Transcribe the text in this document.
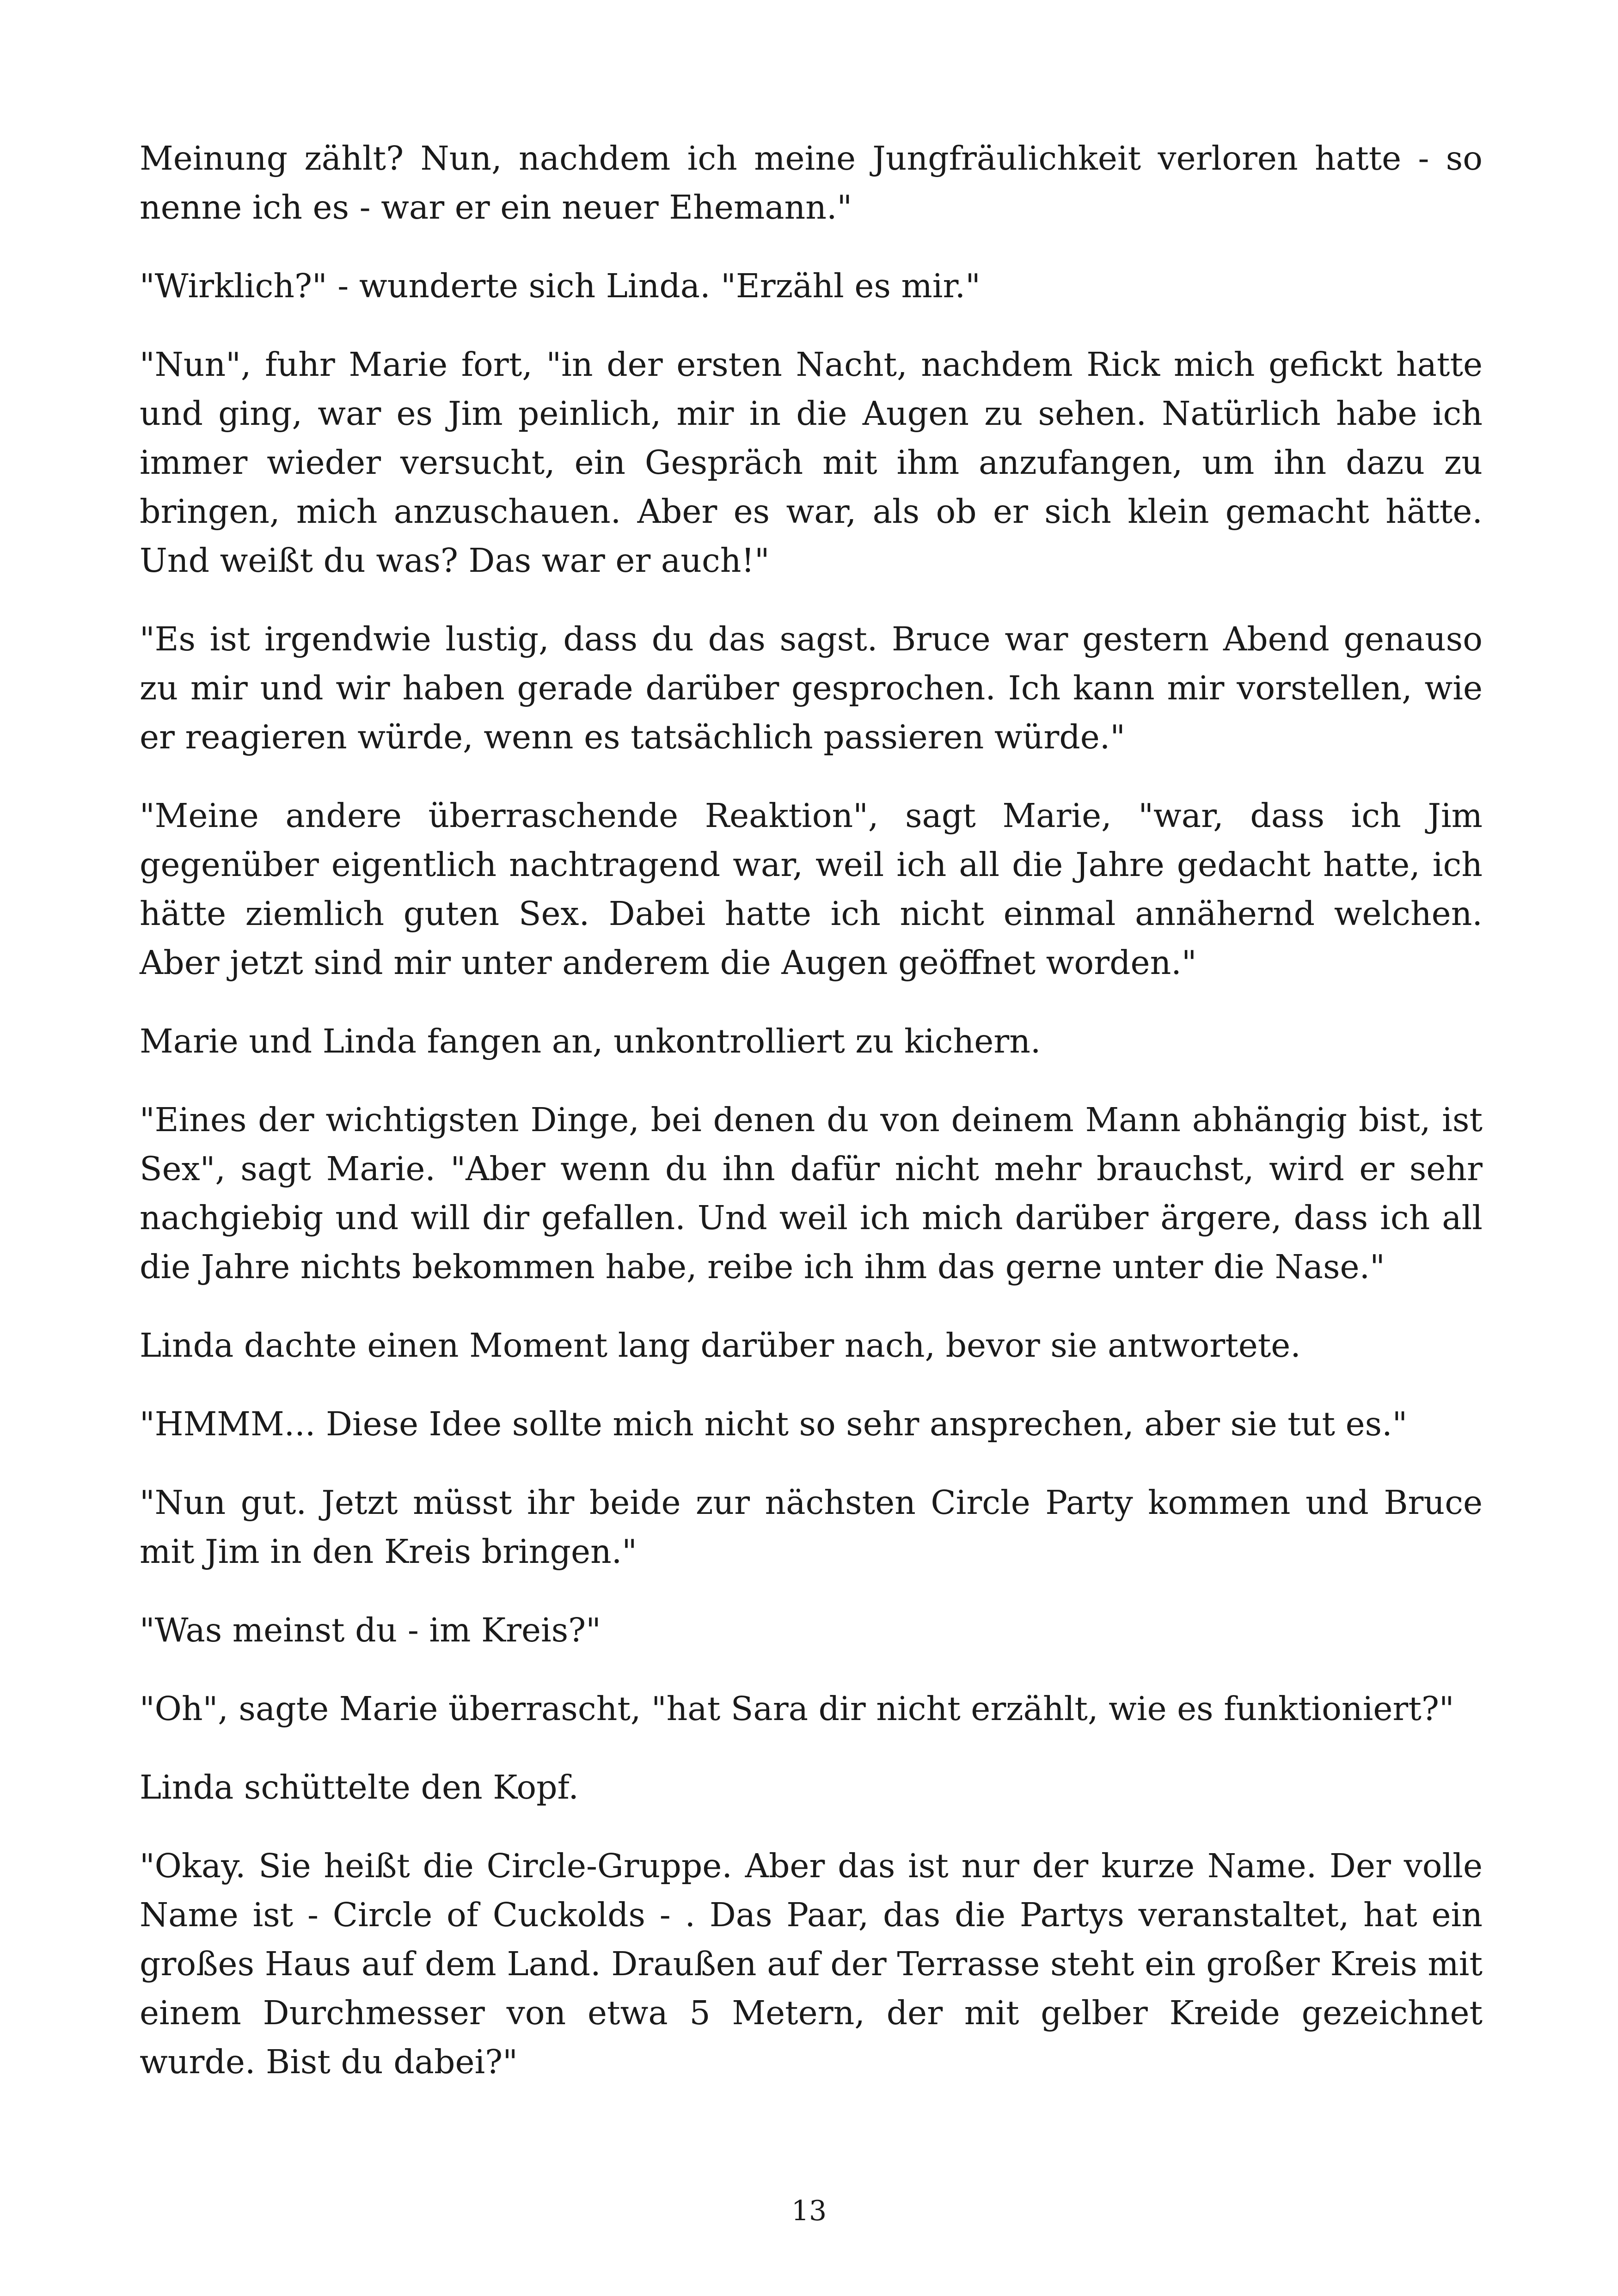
Meinung zählt? Nun, nachdem ich meine Jungfräulichkeit verloren hatte - so nenne ich es - war er ein neuer Ehemann."

"Wirklich?" - wunderte sich Linda. "Erzähl es mir."

"Nun", fuhr Marie fort, "in der ersten Nacht, nachdem Rick mich gefickt hatte und ging, war es Jim peinlich, mir in die Augen zu sehen. Natürlich habe ich immer wieder versucht, ein Gespräch mit ihm anzufangen, um ihn dazu zu bringen, mich anzuschauen. Aber es war, als ob er sich klein gemacht hätte. Und weißt du was? Das war er auch!"

"Es ist irgendwie lustig, dass du das sagst. Bruce war gestern Abend genauso zu mir und wir haben gerade darüber gesprochen. Ich kann mir vorstellen, wie er reagieren würde, wenn es tatsächlich passieren würde."

"Meine andere überraschende Reaktion", sagt Marie, "war, dass ich Jim gegenüber eigentlich nachtragend war, weil ich all die Jahre gedacht hatte, ich hätte ziemlich guten Sex. Dabei hatte ich nicht einmal annähernd welchen. Aber jetzt sind mir unter anderem die Augen geöffnet worden."

Marie und Linda fangen an, unkontrolliert zu kichern.

"Eines der wichtigsten Dinge, bei denen du von deinem Mann abhängig bist, ist Sex", sagt Marie. "Aber wenn du ihn dafür nicht mehr brauchst, wird er sehr nachgiebig und will dir gefallen. Und weil ich mich darüber ärgere, dass ich all die Jahre nichts bekommen habe, reibe ich ihm das gerne unter die Nase."

Linda dachte einen Moment lang darüber nach, bevor sie antwortete.

"HMMM... Diese Idee sollte mich nicht so sehr ansprechen, aber sie tut es."

"Nun gut. Jetzt müsst ihr beide zur nächsten Circle Party kommen und Bruce mit Jim in den Kreis bringen."

"Was meinst du - im Kreis?"

"Oh", sagte Marie überrascht, "hat Sara dir nicht erzählt, wie es funktioniert?"

Linda schüttelte den Kopf.

"Okay. Sie heißt die Circle-Gruppe. Aber das ist nur der kurze Name. Der volle Name ist - Circle of Cuckolds - . Das Paar, das die Partys veranstaltet, hat ein großes Haus auf dem Land. Draußen auf der Terrasse steht ein großer Kreis mit einem Durchmesser von etwa 5 Metern, der mit gelber Kreide gezeichnet wurde. Bist du dabei?"

13
